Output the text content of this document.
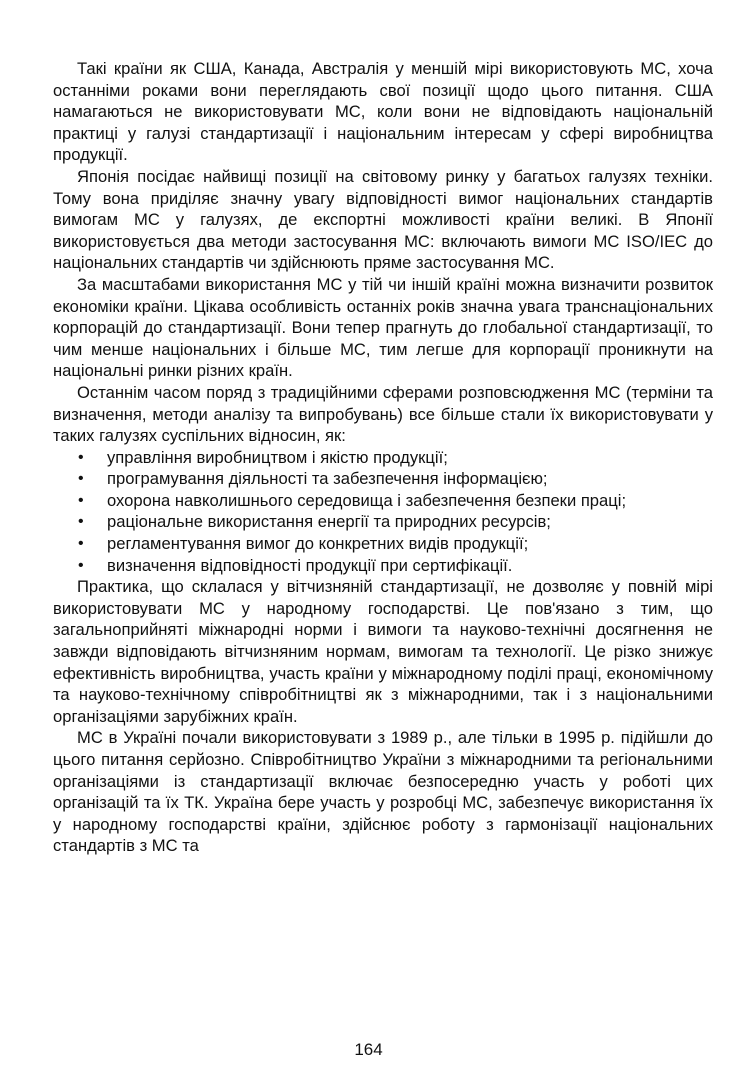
Такі країни як США, Канада, Австралія у меншій мірі використовують МС, хоча останніми роками вони переглядають свої позиції щодо цього питання. США намагаються не використовувати МС, коли вони не відповідають національній практиці у галузі стандартизації і національним інтересам у сфері виробництва продукції.

Японія посідає найвищі позиції на світовому ринку у багатьох галузях техніки. Тому вона приділяє значну увагу відповідності вимог національних стандартів вимогам МС у галузях, де експортні можливості країни великі. В Японії використовується два методи застосування МС: включають вимоги МС ISO/IEC до національних стандартів чи здійснюють пряме застосування МС.

За масштабами використання МС у тій чи іншій країні можна визначити розвиток економіки країни. Цікава особливість останніх років значна увага транснаціональних корпорацій до стандартизації. Вони тепер прагнуть до глобальної стандартизації, то чим менше національних і більше МС, тим легше для корпорації проникнути на національні ринки різних країн.

Останнім часом поряд з традиційними сферами розповсюдження МС (терміни та визначення, методи аналізу та випробувань) все більше стали їх використовувати у таких галузях суспільних відносин, як:

• управління виробництвом і якістю продукції;
• програмування діяльності та забезпечення інформацією;
• охорона навколишнього середовища і забезпечення безпеки праці;
• раціональне використання енергії та природних ресурсів;
• регламентування вимог до конкретних видів продукції;
• визначення відповідності продукції при сертифікації.

Практика, що склалася у вітчизняній стандартизації, не дозволяє у повній мірі використовувати МС у народному господарстві. Це пов'язано з тим, що загальноприйняті міжнародні норми і вимоги та науково-технічні досягнення не завжди відповідають вітчизняним нормам, вимогам та технології. Це різко знижує ефективність виробництва, участь країни у міжнародному поділі праці, економічному та науково-технічному співробітництві як з міжнародними, так і з національними організаціями зарубіжних країн.

МС в Україні почали використовувати з 1989 р., але тільки в 1995 р. підійшли до цього питання серйозно. Співробітництво України з міжнародними та регіональними організаціями із стандартизації включає безпосередню участь у роботі цих організацій та їх ТК. Україна бере участь у розробці МС, забезпечує використання їх у народному господарстві країни, здійснює роботу з гармонізації національних стандартів з МС та

164
